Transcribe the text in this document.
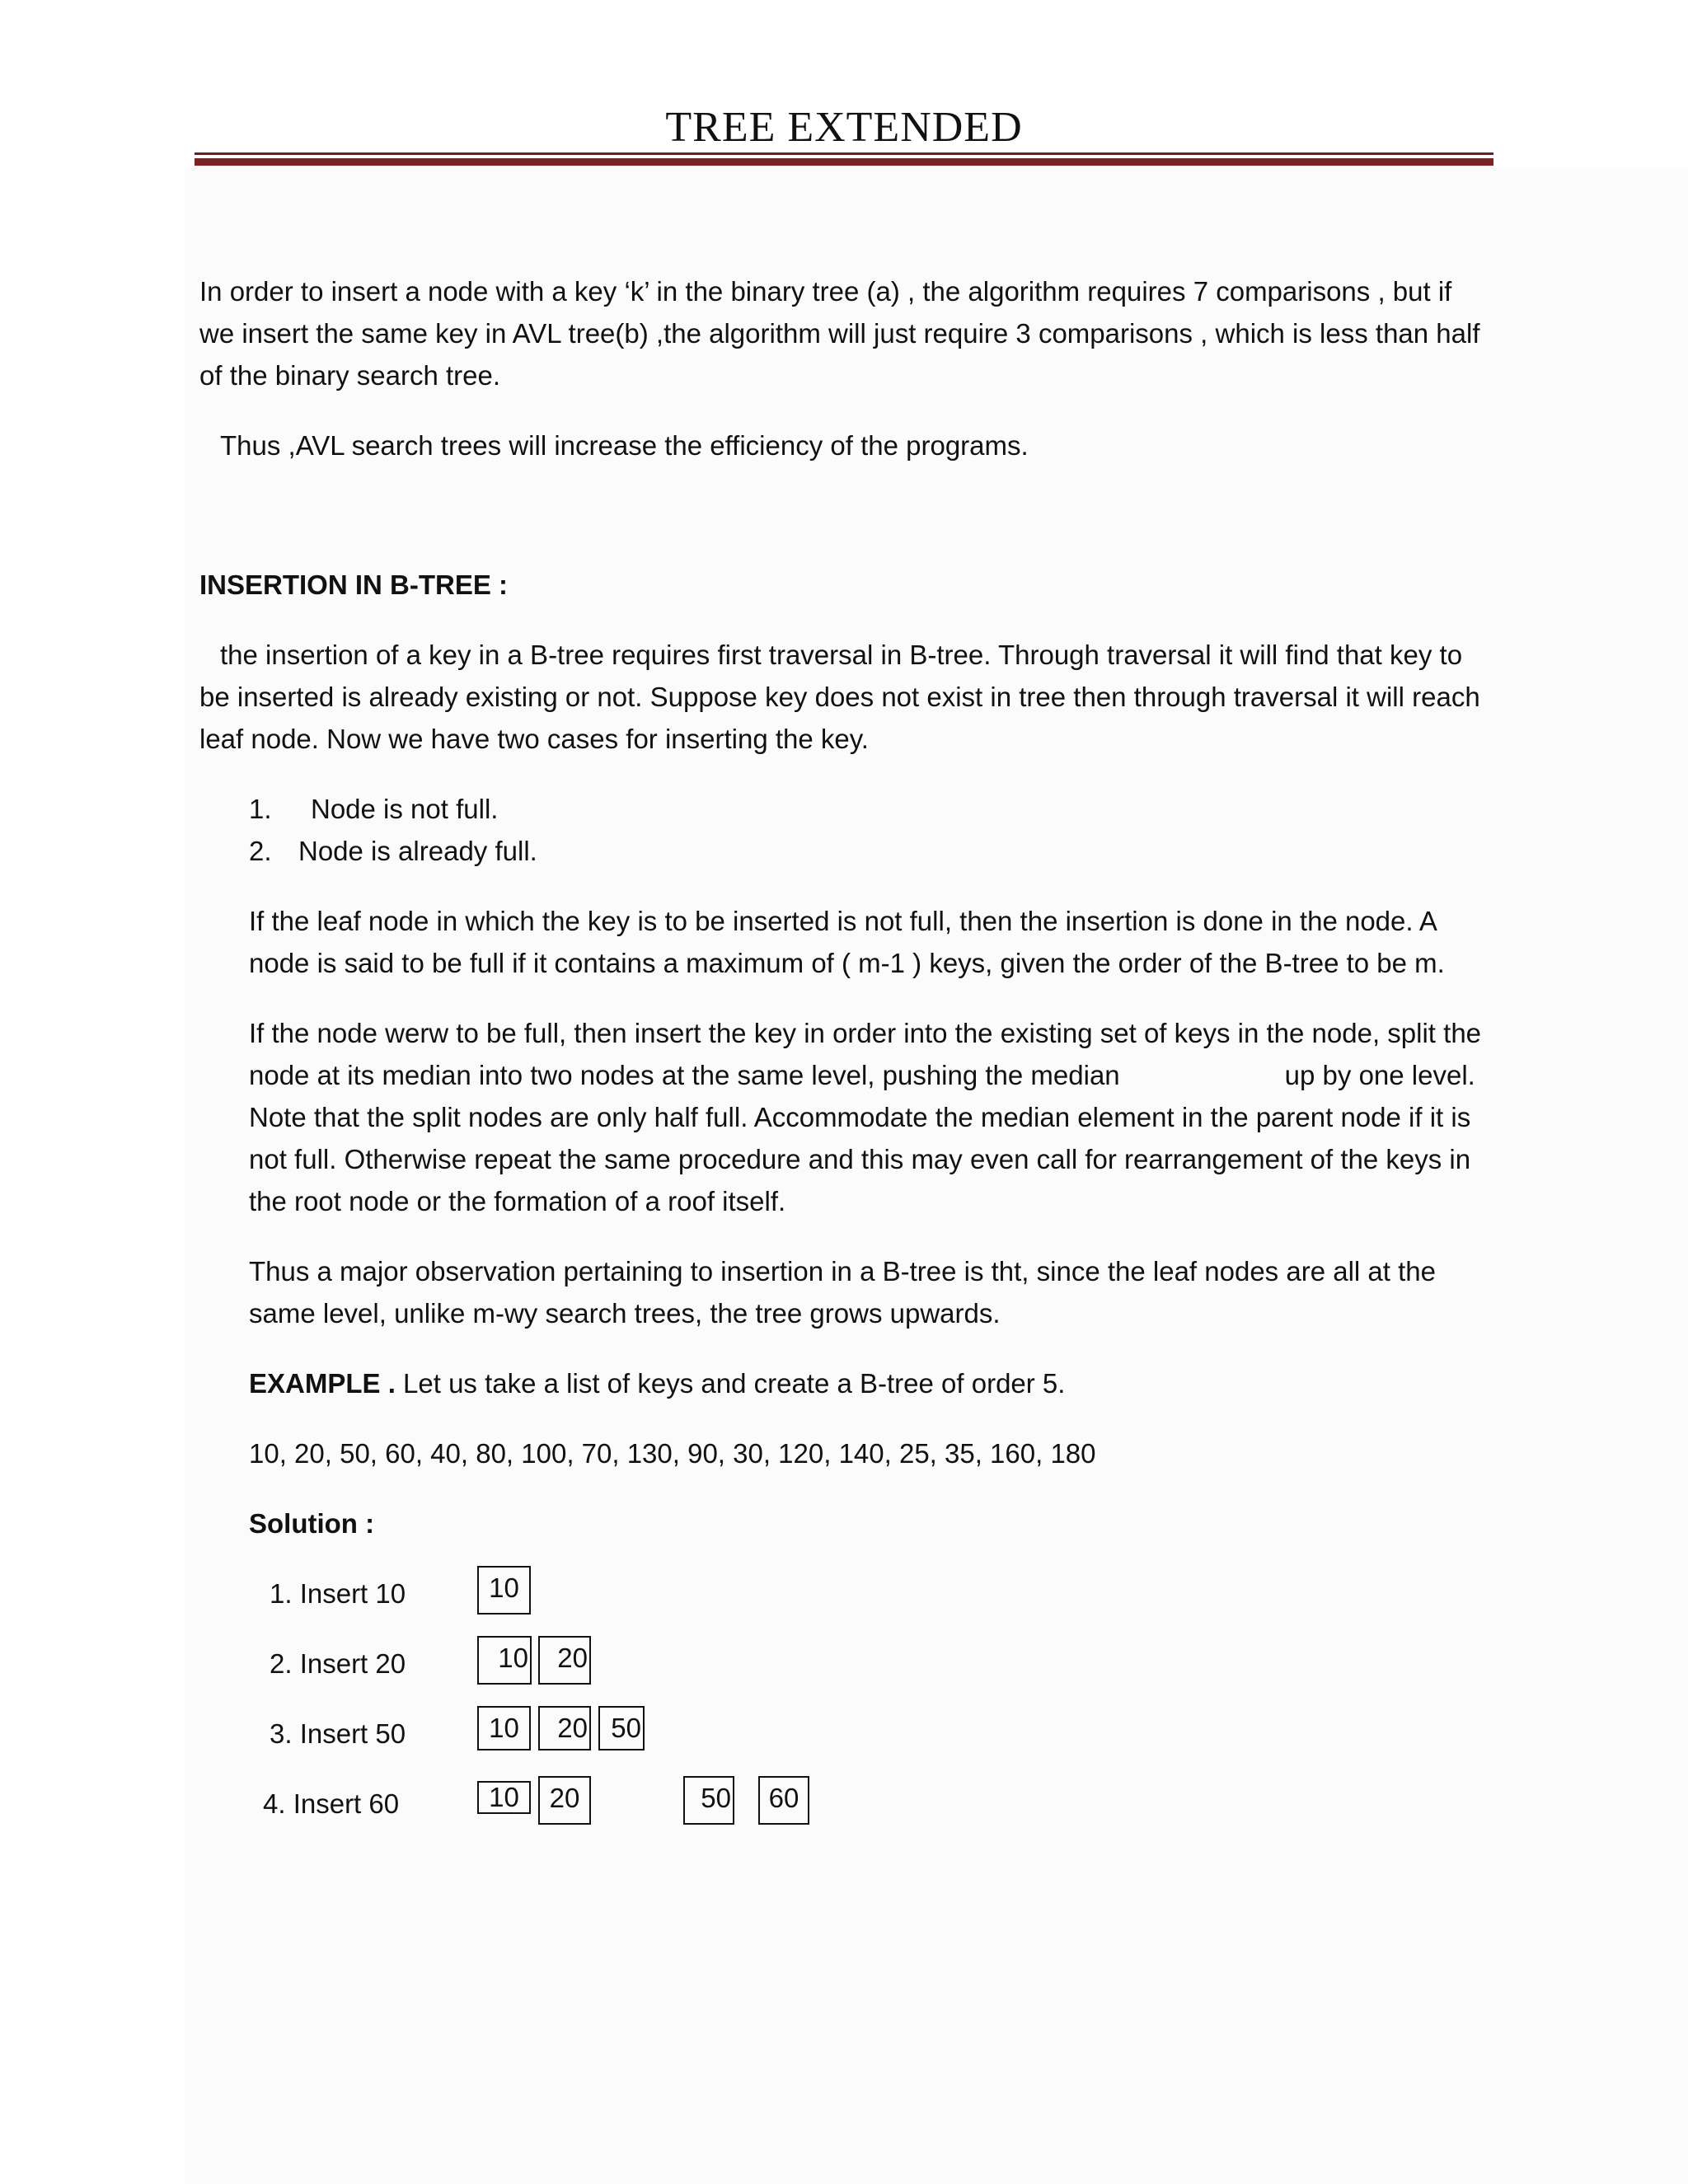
TREE EXTENDED

In order to insert a node with a key ‘k’ in the binary tree (a) , the algorithm requires 7 comparisons , but if we insert the same key in AVL tree(b) ,the algorithm will just require 3 comparisons , which is less than half of the binary search tree.

Thus ,AVL search trees will increase the efficiency of the programs.

INSERTION IN B-TREE :

the insertion of a key in a B-tree requires first traversal in B-tree. Through traversal it will find that key to be inserted is already existing or not. Suppose key does not exist in tree then through traversal it will reach leaf node. Now we have two cases for inserting the key.

1. Node is not full.
2. Node is already full.

If the leaf node in which the key is to be inserted is not full, then the insertion is done in the node. A node is said to be full if it contains a maximum of ( m-1 ) keys, given the order of the B-tree to be m.

If the node werw to be full, then insert the key in order into the existing set of keys in the node, split the node at its median into two nodes at the same level, pushing the median	up by one level. Note that the split nodes are only half full. Accommodate the median element in the parent node if it is not full. Otherwise repeat the same procedure and this may even call for rearrangement of the keys in the root node or the formation of a roof itself.

Thus a major observation pertaining to insertion in a B-tree is tht, since the leaf nodes are all at the same level, unlike m-wy search trees, the tree grows upwards.

EXAMPLE . Let us take a list of keys and create a B-tree of order 5.

10, 20, 50, 60, 40, 80, 100, 70, 130, 90, 30, 120, 140, 25, 35, 160, 180

Solution :

1. Insert 10	10
2. Insert 20	10	20
3. Insert 50	10	20 50
4. Insert 60	10	20	50	60
